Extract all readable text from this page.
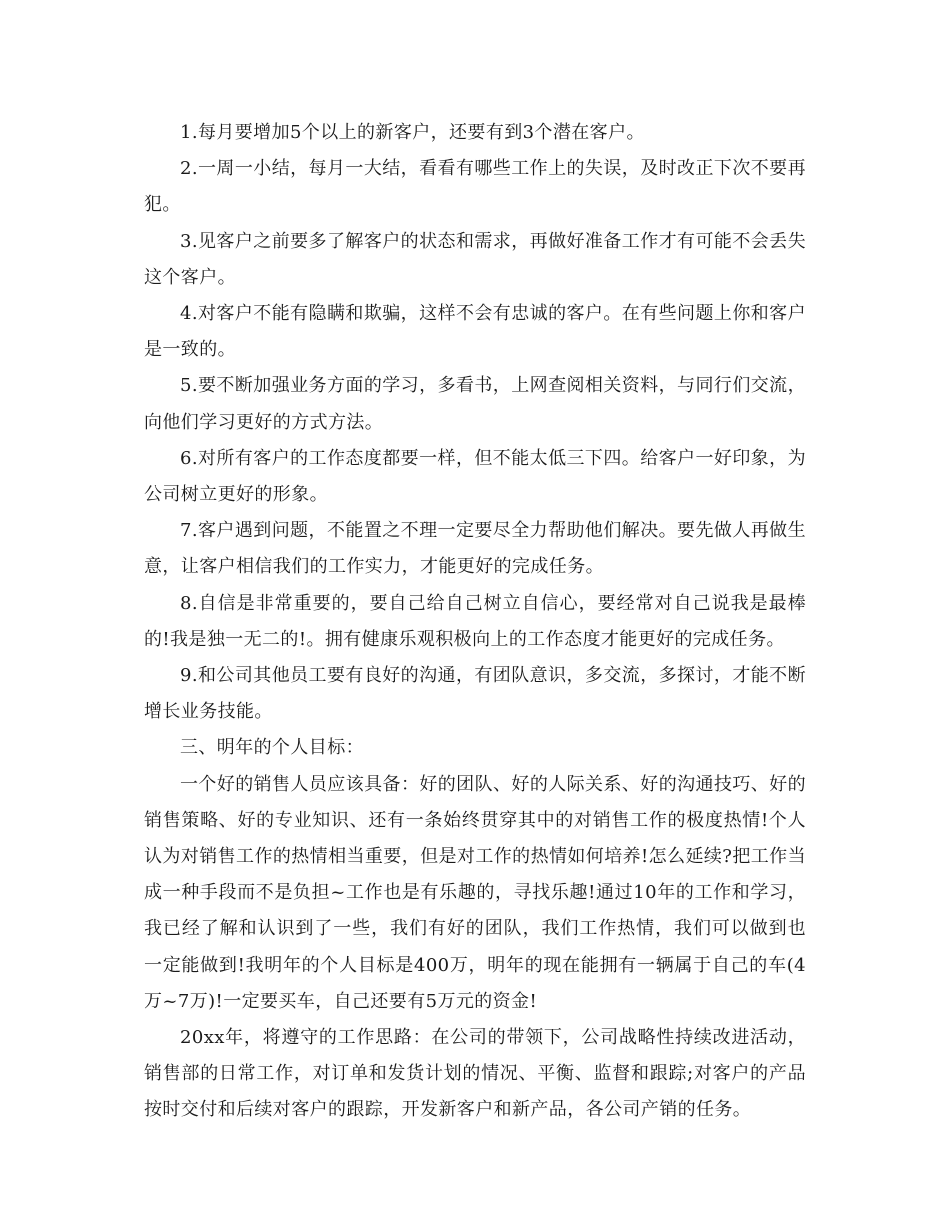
1.每月要增加5个以上的新客户，还要有到3个潜在客户。

2.一周一小结，每月一大结，看看有哪些工作上的失误，及时改正下次不要再犯。

3.见客户之前要多了解客户的状态和需求，再做好准备工作才有可能不会丢失这个客户。

4.对客户不能有隐瞒和欺骗，这样不会有忠诚的客户。在有些问题上你和客户是一致的。

5.要不断加强业务方面的学习，多看书，上网查阅相关资料，与同行们交流，向他们学习更好的方式方法。

6.对所有客户的工作态度都要一样，但不能太低三下四。给客户一好印象，为公司树立更好的形象。

7.客户遇到问题，不能置之不理一定要尽全力帮助他们解决。要先做人再做生意，让客户相信我们的工作实力，才能更好的完成任务。

8.自信是非常重要的，要自己给自己树立自信心，要经常对自己说我是最棒的!我是独一无二的!。拥有健康乐观积极向上的工作态度才能更好的完成任务。

9.和公司其他员工要有良好的沟通，有团队意识，多交流，多探讨，才能不断增长业务技能。

三、明年的个人目标：

一个好的销售人员应该具备：好的团队、好的人际关系、好的沟通技巧、好的销售策略、好的专业知识、还有一条始终贯穿其中的对销售工作的极度热情!个人认为对销售工作的热情相当重要，但是对工作的热情如何培养!怎么延续?把工作当成一种手段而不是负担~工作也是有乐趣的，寻找乐趣!通过10年的工作和学习，我已经了解和认识到了一些，我们有好的团队，我们工作热情，我们可以做到也一定能做到!我明年的个人目标是400万，明年的现在能拥有一辆属于自己的车(4万~7万)!一定要买车，自己还要有5万元的资金!

20xx年，将遵守的工作思路：在公司的带领下，公司战略性持续改进活动，销售部的日常工作，对订单和发货计划的情况、平衡、监督和跟踪;对客户的产品按时交付和后续对客户的跟踪，开发新客户和新产品，各公司产销的任务。
